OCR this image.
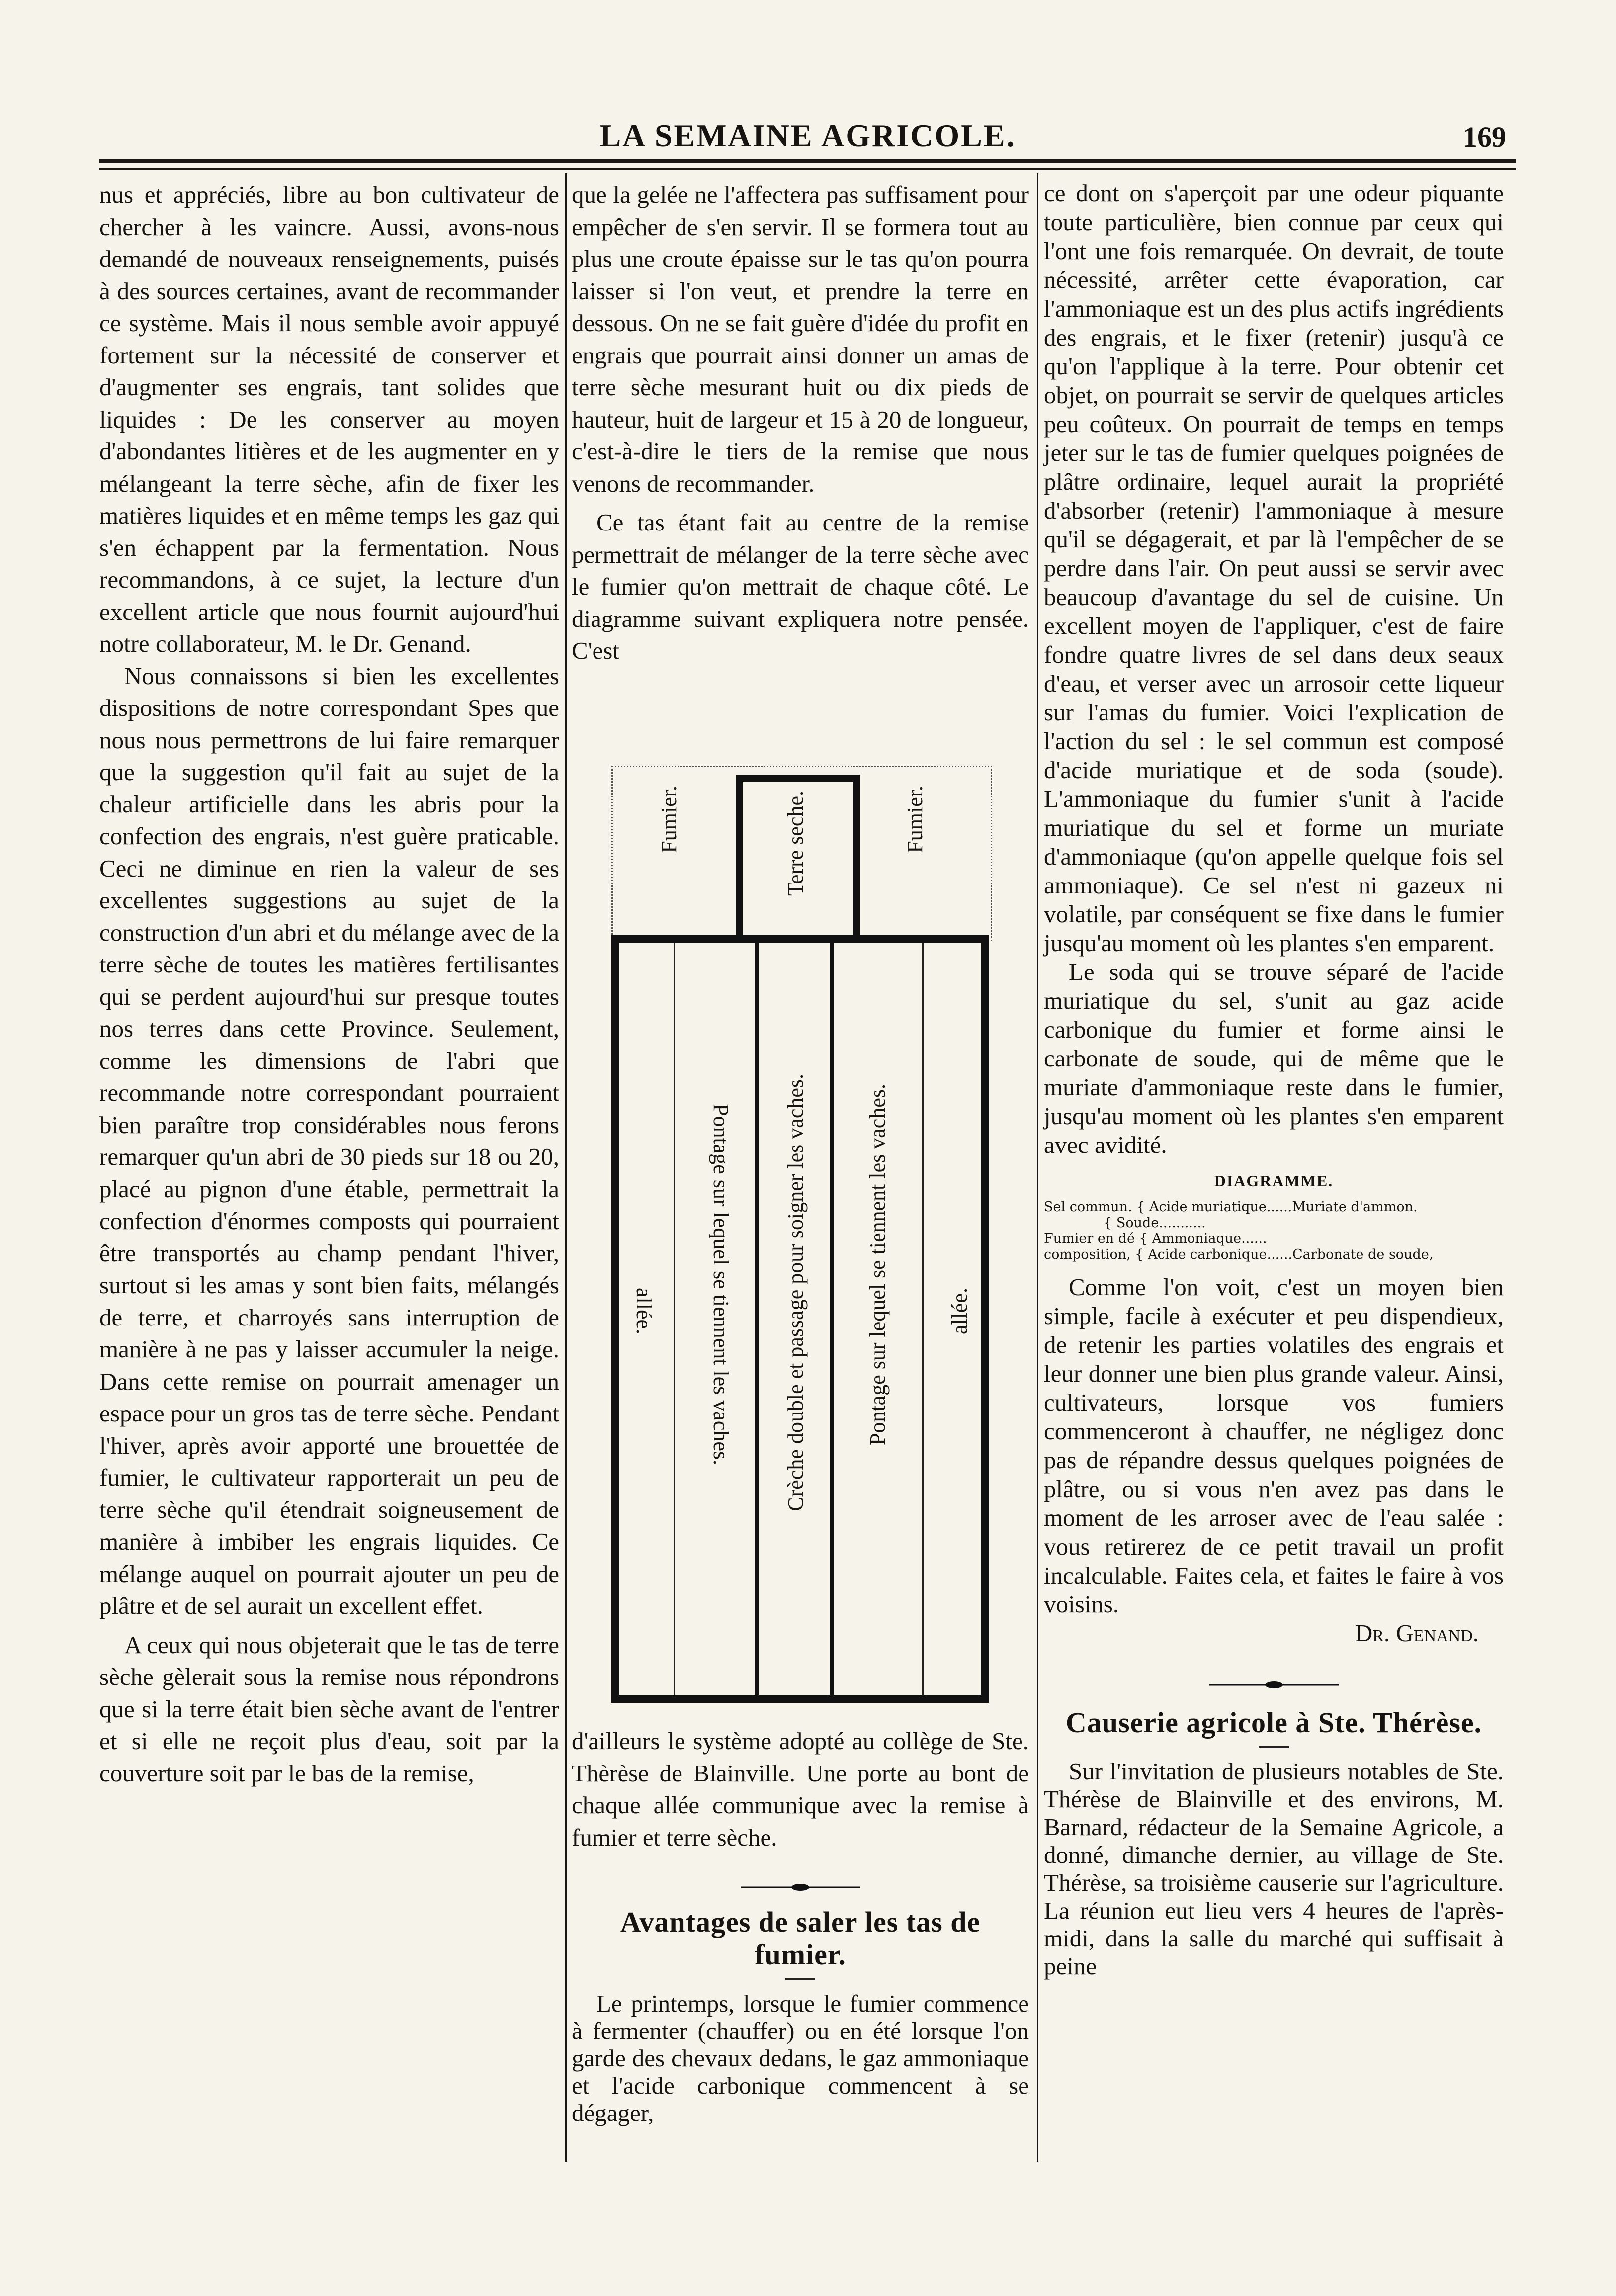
LA SEMAINE AGRICOLE.	169

nus et appréciés, libre au bon cultivateur de chercher à les vaincre. Aussi, avons-nous demandé de nouveaux renseignements, puisés à des sources certaines, avant de recommander ce système. Mais il nous semble avoir appuyé fortement sur la nécessité de conserver et d'augmenter ses engrais, tant solides que liquides : De les conserver au moyen d'abondantes litières et de les augmenter en y mélangeant la terre sèche, afin de fixer les matières liquides et en même temps les gaz qui s'en échappent par la fermentation. Nous recommandons, à ce sujet, la lecture d'un excellent article que nous fournit aujourd'hui notre collaborateur, M. le Dr. Genand.

Nous connaissons si bien les excellentes dispositions de notre correspondant Spes que nous nous permettrons de lui faire remarquer que la suggestion qu'il fait au sujet de la chaleur artificielle dans les abris pour la confection des engrais, n'est guère praticable. Ceci ne diminue en rien la valeur de ses excellentes suggestions au sujet de la construction d'un abri et du mélange avec de la terre sèche de toutes les matières fertilisantes qui se perdent aujourd'hui sur presque toutes nos terres dans cette Province. Seulement, comme les dimensions de l'abri que recommande notre correspondant pourraient bien paraître trop considérables nous ferons remarquer qu'un abri de 30 pieds sur 18 ou 20, placé au pignon d'une étable, permettrait la confection d'énormes composts qui pourraient être transportés au champ pendant l'hiver, surtout si les amas y sont bien faits, mélangés de terre, et charroyés sans interruption de manière à ne pas y laisser accumuler la neige. Dans cette remise on pourrait amenager un espace pour un gros tas de terre sèche. Pendant l'hiver, après avoir apporté une brouettée de fumier, le cultivateur rapporterait un peu de terre sèche qu'il étendrait soigneusement de manière à imbiber les engrais liquides. Ce mélange auquel on pourrait ajouter un peu de plâtre et de sel aurait un excellent effet.

A ceux qui nous objeterait que le tas de terre sèche gèlerait sous la remise nous répondrons que si la terre était bien sèche avant de l'entrer et si elle ne reçoit plus d'eau, soit par la couverture soit par le bas de la remise,

que la gelée ne l'affectera pas suffisament pour empêcher de s'en servir. Il se formera tout au plus une croute épaisse sur le tas qu'on pourra laisser si l'on veut, et prendre la terre en dessous. On ne se fait guère d'idée du profit en engrais que pourrait ainsi donner un amas de terre sèche mesurant huit ou dix pieds de hauteur, huit de largeur et 15 à 20 de longueur, c'est-à-dire le tiers de la remise que nous venons de recommander.

Ce tas étant fait au centre de la remise permettrait de mélanger de la terre sèche avec le fumier qu'on mettrait de chaque côté. Le diagramme suivant expliquera notre pensée. C'est

Fumier.	Terre seche.	Fumier.
allée. Pontage sur lequel se tiennent les vaches. Crèche double et passage pour soigner les vaches.	Pontage sur lequel se tiennent les vaches.	allée.

d'ailleurs le système adopté au collège de Ste. Thèrèse de Blainville. Une porte au bont de chaque allée communique avec la remise à fumier et terre sèche.

Avantages de saler les tas de fumier.

Le printemps, lorsque le fumier commence à fermenter (chauffer) ou en été lorsque l'on garde des chevaux dedans, le gaz ammoniaque et l'acide carbonique commencent à se dégager,

ce dont on s'aperçoit par une odeur piquante toute particulière, bien connue par ceux qui l'ont une fois remarquée. On devrait, de toute nécessité, arrêter cette évaporation, car l'ammoniaque est un des plus actifs ingrédients des engrais, et le fixer (retenir) jusqu'à ce qu'on l'applique à la terre. Pour obtenir cet objet, on pourrait se servir de quelques articles peu coûteux. On pourrait de temps en temps jeter sur le tas de fumier quelques poignées de plâtre ordinaire, lequel aurait la propriété d'absorber (retenir) l'ammoniaque à mesure qu'il se dégagerait, et par là l'empêcher de se perdre dans l'air. On peut aussi se servir avec beaucoup d'avantage du sel de cuisine. Un excellent moyen de l'appliquer, c'est de faire fondre quatre livres de sel dans deux seaux d'eau, et verser avec un arrosoir cette liqueur sur l'amas du fumier. Voici l'explication de l'action du sel : le sel commun est composé d'acide muriatique et de soda (soude). L'ammoniaque du fumier s'unit à l'acide muriatique du sel et forme un muriate d'ammoniaque (qu'on appelle quelque fois sel ammoniaque). Ce sel n'est ni gazeux ni volatile, par conséquent se fixe dans le fumier jusqu'au moment où les plantes s'en emparent.

Le soda qui se trouve séparé de l'acide muriatique du sel, s'unit au gaz acide carbonique du fumier et forme ainsi le carbonate de soude, qui de même que le muriate d'ammoniaque reste dans le fumier, jusqu'au moment où les plantes s'en emparent avec avidité.

DIAGRAMME.
Sel commun. { Acide muriatique......Muriate d'ammon.
{ Soude...........
Fumier en dé { Ammoniaque......
composition, { Acide carbonique......Carbonate de soude,

Comme l'on voit, c'est un moyen bien simple, facile à exécuter et peu dispendieux, de retenir les parties volatiles des engrais et leur donner une bien plus grande valeur. Ainsi, cultivateurs, lorsque vos fumiers commenceront à chauffer, ne négligez donc pas de répandre dessus quelques poignées de plâtre, ou si vous n'en avez pas dans le moment de les arroser avec de l'eau salée : vous retirerez de ce petit travail un profit incalculable. Faites cela, et faites le faire à vos voisins.

Dr. Genand.

Causerie agricole à Ste. Thérèse.

Sur l'invitation de plusieurs notables de Ste. Thérèse de Blainville et des environs, M. Barnard, rédacteur de la Semaine Agricole, a donné, dimanche dernier, au village de Ste. Thérèse, sa troisième causerie sur l'agriculture. La réunion eut lieu vers 4 heures de l'après-midi, dans la salle du marché qui suffisait à peine
